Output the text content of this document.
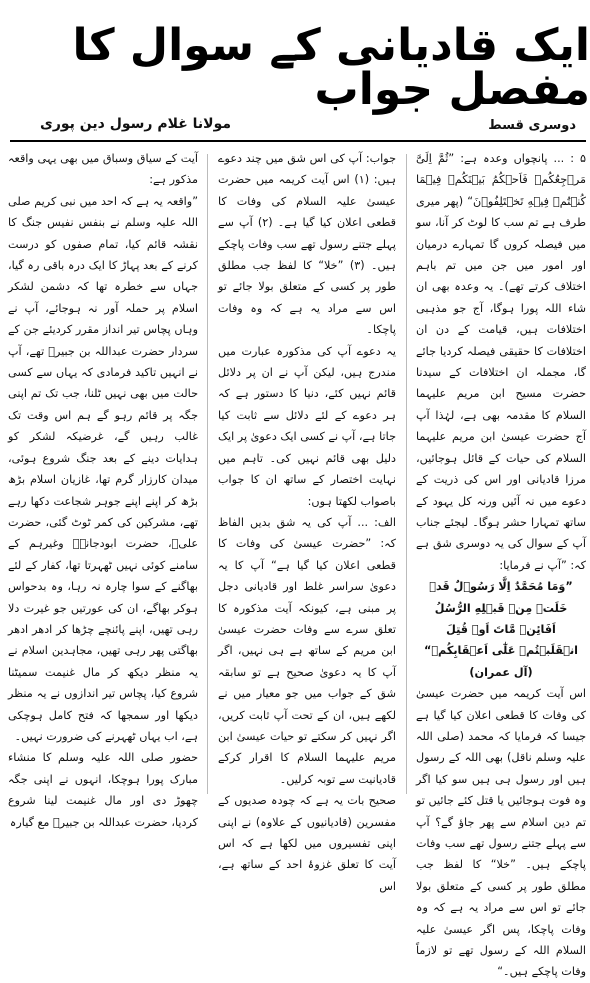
ایک قادیانی کے سوال کا مفصل جواب
دوسری قسط
مولانا غلام رسول دین پوری

۵ : ... پانچواں وعدہ ہے: ”ثُمَّ اِلَیَّ مَرۡجِعُکُمۡ فَاَحۡکُمُ بَیۡنَکُمۡ فِیۡمَا کُنۡتُمۡ فِیۡهِ تَخۡتَلِفُوۡنَ“ (پھر میری طرف ہے تم سب کا لوٹ کر آنا، سو میں فیصلہ کروں گا تمہارے درمیان اور امور میں جن میں تم باہم اختلاف کرتے تھے)۔ یہ وعدہ بھی ان شاء اللہ پورا ہوگا، آج جو مذہبی اختلافات ہیں، قیامت کے دن ان اختلافات کا حقیقی فیصلہ کردیا جائے گا، مجملہ ان اختلافات کے سیدنا حضرت مسیح ابن مریم علیہما السلام کا مقدمہ بھی ہے، لہٰذا آپ آج حضرت عیسیٰ ابن مریم علیہما السلام کی حیات کے قائل ہوجائیں، مرزا قادیانی اور اس کی ذریت کے دعوے میں نہ آئیں ورنہ کل یہود کے ساتھ تمہارا حشر ہوگا۔ لیجئے جناب آپ کے سوال کی یہ دوسری شق ہے کہ: ”آپ نے فرمایا:

”وَمَا مُحَمَّدٌ اِلَّا رَسُوۡلٌ قَدۡ خَلَتۡ مِنۡ قَبۡلِهِ الرُّسُلُ اَفَائِنۡ مَّاتَ اَوۡ قُتِلَ انۡقَلَبۡتُمۡ عَلٰٓی اَعۡقَابِکُمۡ“ (آل عمران)

اس آیت کریمہ میں حضرت عیسیٰ کی وفات کا قطعی اعلان کیا گیا ہے جیسا کہ فرمایا کہ محمد (صلی اللہ علیہ وسلم ناقل) بھی اللہ کے رسول ہیں اور رسول ہی ہیں سو کیا اگر وہ فوت ہوجائیں یا قتل کئے جائیں تو تم دین اسلام سے پھر جاؤ گے؟ آپ سے پہلے جتنے رسول تھے سب وفات پاچکے ہیں۔ ”خلا“ کا لفظ جب مطلق طور پر کسی کے متعلق بولا جائے تو اس سے مراد یہ ہے کہ وہ وفات پاچکا، پس اگر عیسیٰ علیہ السلام اللہ کے رسول تھے تو لازماً وفات پاچکے ہیں۔“

جواب: آپ کی اس شق میں چند دعوے ہیں: (۱) اس آیت کریمہ میں حضرت عیسیٰ علیہ السلام کی وفات کا قطعی اعلان کیا گیا ہے۔ (۲) آپ سے پہلے جتنے رسول تھے سب وفات پاچکے ہیں۔ (۳) ”خلا“ کا لفظ جب مطلق طور پر کسی کے متعلق بولا جائے تو اس سے مراد یہ ہے کہ وہ وفات پاچکا۔

یہ دعوے آپ کی مذکورہ عبارت میں مندرج ہیں، لیکن آپ نے ان پر دلائل قائم نہیں کئے، دنیا کا دستور ہے کہ ہر دعوے کے لئے دلائل سے ثابت کیا جاتا ہے، آپ نے کسی ایک دعویٰ پر ایک دلیل بھی قائم نہیں کی۔ تاہم میں نہایت اختصار کے ساتھ ان کا جواب باصواب لکھتا ہوں:

الف: ... آپ کی یہ شق بدیں الفاظ کہ: ”حضرت عیسیٰ کی وفات کا قطعی اعلان کیا گیا ہے“ آپ کا یہ دعویٰ سراسر غلط اور قادیانی دجل پر مبنی ہے، کیونکہ آیت مذکورہ کا تعلق سرے سے وفات حضرت عیسیٰ ابن مریم کے ساتھ ہے ہی نہیں، اگر آپ کا یہ دعویٰ صحیح ہے تو سابقہ شق کے جواب میں جو معیار میں نے لکھے ہیں، ان کے تحت آپ ثابت کریں، اگر نہیں کر سکتے تو حیات عیسیٰ ابن مریم علیہما السلام کا اقرار کرکے قادیانیت سے توبہ کرلیں۔

صحیح بات یہ ہے کہ چودہ صدیوں کے مفسرین (قادیانیوں کے علاوہ) نے اپنی اپنی تفسیروں میں لکھا ہے کہ اس آیت کا تعلق غزوۂ احد کے ساتھ ہے، اس

آیت کے سیاق وسباق میں بھی یہی واقعہ مذکور ہے:

”واقعہ یہ ہے کہ احد میں نبی کریم صلی اللہ علیہ وسلم نے بنفس نفیس جنگ کا نقشہ قائم کیا، تمام صفوں کو درست کرنے کے بعد پہاڑ کا ایک درہ باقی رہ گیا، جہاں سے خطرہ تھا کہ دشمن لشکر اسلام پر حملہ آور نہ ہوجائے، آپ نے وہاں پچاس تیر انداز مقرر کردیئے جن کے سردار حضرت عبداللہ بن جبیرؓ تھے، آپ نے انہیں تاکید فرمادی کہ یہاں سے کسی حالت میں بھی نہیں ٹلنا، جب تک تم اپنی جگہ پر قائم رہو گے ہم اس وقت تک غالب رہیں گے، غرضیکہ لشکر کو ہدایات دینے کے بعد جنگ شروع ہوئی، میدان کارزار گرم تھا، غازیان اسلام بڑھ بڑھ کر اپنے اپنے جوہر شجاعت دکھا رہے تھے، مشرکین کی کمر ٹوٹ گئی، حضرت علیؓ، حضرت ابودجانہؓ وغیرہم کے سامنے کوئی نہیں ٹھہرتا تھا، کفار کے لئے بھاگنے کے سوا چارہ نہ رہا، وہ بدحواس ہوکر بھاگے، ان کی عورتیں جو غیرت دلا رہی تھیں، اپنے پائنچے چڑھا کر ادھر ادھر بھاگتی پھر رہی تھیں، مجاہدین اسلام نے یہ منظر دیکھ کر مال غنیمت سمیٹنا شروع کیا، پچاس تیر اندازوں نے یہ منظر دیکھا اور سمجھا کہ فتح کامل ہوچکی ہے، اب یہاں ٹھہرنے کی ضرورت نہیں۔

حضور صلی اللہ علیہ وسلم کا منشاء مبارک پورا ہوچکا، انہوں نے اپنی جگہ چھوڑ دی اور مال غنیمت لینا شروع کردیا، حضرت عبداللہ بن جبیرؓ مع گیارہ
